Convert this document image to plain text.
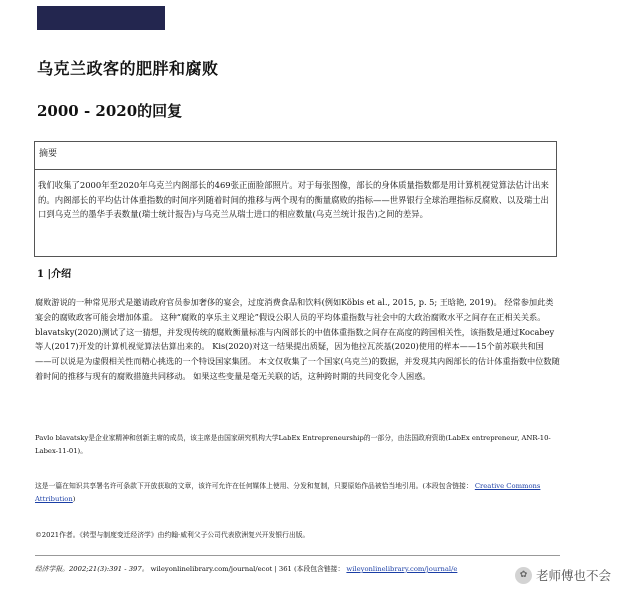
乌克兰政客的肥胖和腐败
2000 - 2020的回复
摘要
我们收集了2000年至2020年乌克兰内阁部长的469张正面脸部照片。对于每张图像，部长的身体质量指数都是用计算机视觉算法估计出来的。内阁部长的平均估计体重指数的时间序列随着时间的推移与两个现有的衡量腐败的指标——世界银行全球治理指标反腐败、以及瑞士出口到乌克兰的墨华手表数量(瑞士统计报告)与乌克兰从瑞士进口的相应数量(乌克兰统计报告)之间的差异。
1 |介绍

腐败游说的一种常见形式是邀请政府官员参加奢侈的宴会，过度消费食品和饮料(例如Köbis et al., 2015, p. 5; 王晗艳, 2019)。 经常参加此类宴会的腐败政客可能会增加体重。 这种“腐败的享乐主义理论”假设公职人员的平均体重指数与社会中的大政治腐败水平之间存在正相关关系。 blavatsky(2020)测试了这一猜想，并发现传统的腐败衡量标准与内阁部长的中值体重指数之间存在高度的跨国相关性，该指数是通过Kocabey等人(2017)开发的计算机视觉算法估算出来的。 Kis(2020)对这一结果提出质疑，因为他拉瓦茨基(2020)使用的样本——15个前苏联共和国——可以说是为虚假相关性而精心挑选的一个特设国家集团。 本文仅收集了一个国家(乌克兰)的数据，并发现其内阁部长的估计体重指数中位数随着时间的推移与现有的腐败措施共同移动。 如果这些变量是毫无关联的话，这种跨时期的共同变化令人困惑。

Pavlo blavatsky是企业家精神和创新主席的成员，该主席是由国家研究机构大学LabEx Entrepreneurship的一部分，由法国政府资助(LabEx entrepreneur, ANR-10-Labex-11-01)。

这是一篇在知识共享署名许可条款下开放获取的文章，该许可允许在任何媒体上使用、分发和复制，只要原始作品被恰当地引用。(本段包含链接： Creative Commons Attribution)

©2021作者。《转型与制度变迁经济学》由约翰·威利父子公司代表欧洲复兴开发银行出版。

经济学报。2002;21(3):391 - 397。 wileyonlinelibrary.com/journal/ecot | 361 (本段包含链接： wileyonlinelibrary.com/journal/e

✿ 老师傅也不会
